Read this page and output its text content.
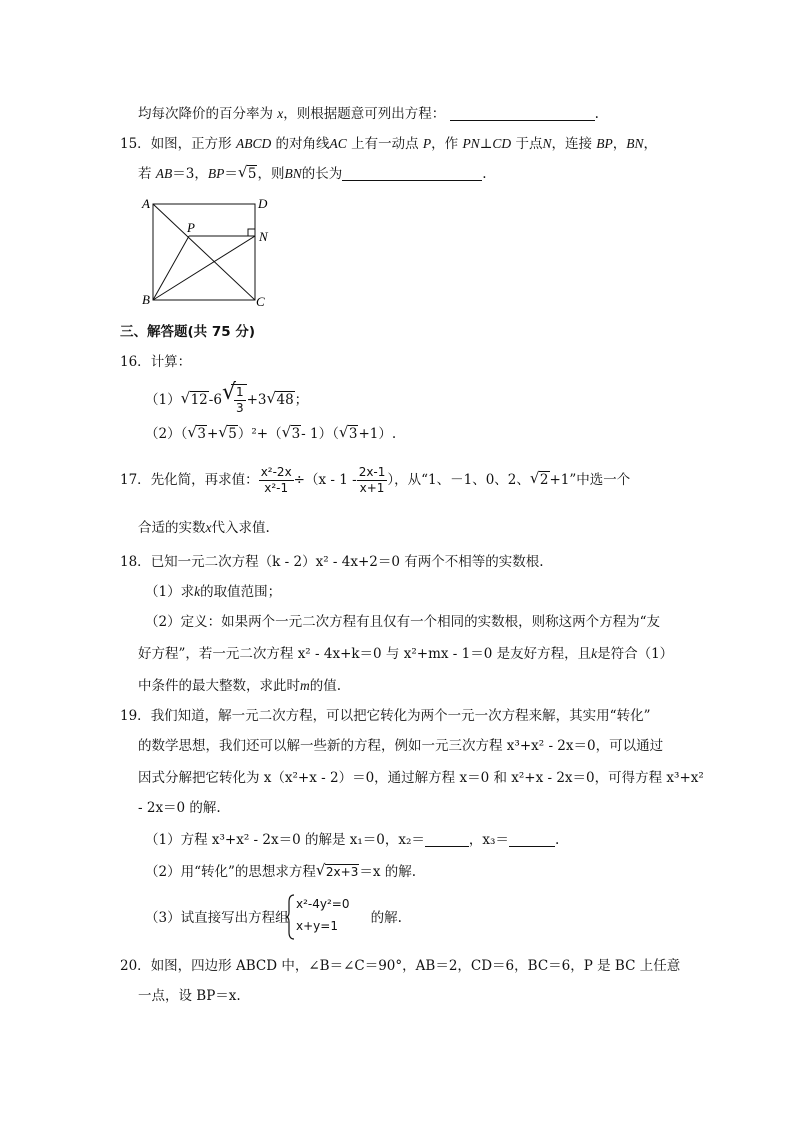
均每次降价的百分率为 x，则根据题意可列出方程：	.
15．如图，正方形 ABCD 的对角线AC 上有一动点 P，作 PN⊥CD 于点N，连接 BP，BN，
若 AB＝3，BP＝ √ 5，则BN的长为	.
A	D
P
N
B	C
三、解答题(共 75 分)
16．计算：
（1） √ 12-6 √
$\frac{1}{3} +3$ √ 48；
（2）（ √ 3+ √ 5）²+（ √ 3- 1）（ √ 3+1）.
17．先化简，再求值： $\frac{\text{x²-2x}}{\text{x²-1}} \div(x - 1 - \frac{2x-1}{x+1}$ ），从“1、－1、0、2、 √ 2+1”中选一个
合适的实数x代入求值.
18．已知一元二次方程（k - 2）x² - 4x+2＝0 有两个不相等的实数根.
（1）求k的取值范围；
（2）定义：如果两个一元二次方程有且仅有一个相同的实数根，则称这两个方程为“友
好方程”，若一元二次方程 x² - 4x+k＝0 与 x²+mx - 1＝0 是友好方程，且k是符合（1）
中条件的最大整数，求此时m的值.
19．我们知道，解一元二次方程，可以把它转化为两个一元一次方程来解，其实用“转化”
的数学思想，我们还可以解一些新的方程，例如一元三次方程 x³+x² - 2x＝0，可以通过
因式分解把它转化为 x（x²+x - 2）＝0，通过解方程 x＝0 和 x²+x - 2x＝0，可得方程 x³+x²
- 2x＝0 的解.
（1）方程 x³+x² - 2x＝0 的解是 x₁＝0，x₂＝	，x₃＝	.
（2）用“转化”的思想求方程 √ 2x+3＝x 的解.
（3）试直接写出方程组	的解.
x²-4y²=0
x+y=1
20．如图，四边形 ABCD 中，∠B＝∠C＝90°，AB＝2，CD＝6，BC＝6，P 是 BC 上任意
一点，设 BP＝x.
